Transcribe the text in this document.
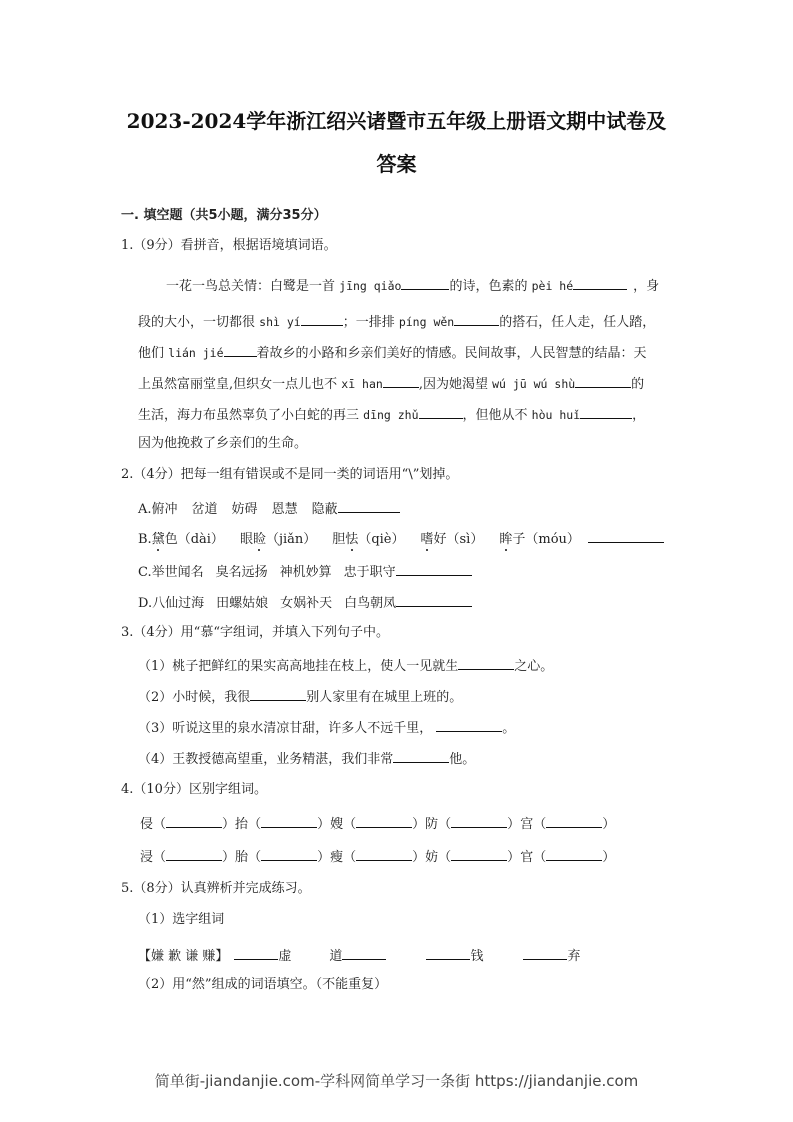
2023-2024学年浙江绍兴诸暨市五年级上册语文期中试卷及
答案
一. 填空题（共5小题，满分35分）
1.（9分）看拼音，根据语境填词语。
一花一鸟总关情：白鹭是一首 jīng qiǎo	的诗，色素的 pèi hé	，身
段的大小，一切都很 shì yí	；一排排 píng wěn	的搭石，任人走，任人踏，
他们 lián jié	着故乡的小路和乡亲们美好的情感。民间故事，人民智慧的结晶：天
上虽然富丽堂皇,但织女一点儿也不 xī han	,因为她渴望 wú jū wú shù	的
生活，海力布虽然辜负了小白蛇的再三 dīng zhǔ	，但他从不 hòu huǐ	，
因为他挽救了乡亲们的生命。
2.（4分）把每一组有错误或不是同一类的词语用“\”划掉。
A.俯冲 岔道 妨碍 恩慧 隐蔽
B.黛色（dài） 眼睑（jiǎn） 胆怯（qiè） 嗜好（sì） 眸子（móu）
C.举世闻名 臭名远扬 神机妙算 忠于职守
D.八仙过海 田螺姑娘 女娲补天 白鸟朝凤
3.（4分）用“慕“字组词，并填入下列句子中。
（1）桃子把鲜红的果实高高地挂在枝上，使人一见就生	之心。
（2）小时候，我很	别人家里有在城里上班的。
（3）听说这里的泉水清凉甘甜，许多人不远千里，	。
（4）王教授德高望重，业务精湛，我们非常	他。
4.（10分）区别字组词。
侵（	）抬（	）嫂（	）防（	）宫（	）
浸（	）胎（	）瘦（	）妨（	）官（	）
5.（8分）认真辨析并完成练习。
（1）选字组词
【嫌 歉 谦 赚】	虚	道	钱	弃
（2）用“然”组成的词语填空。（不能重复）
简单街-jiandanjie.com-学科网简单学习一条街 https://jiandanjie.com
